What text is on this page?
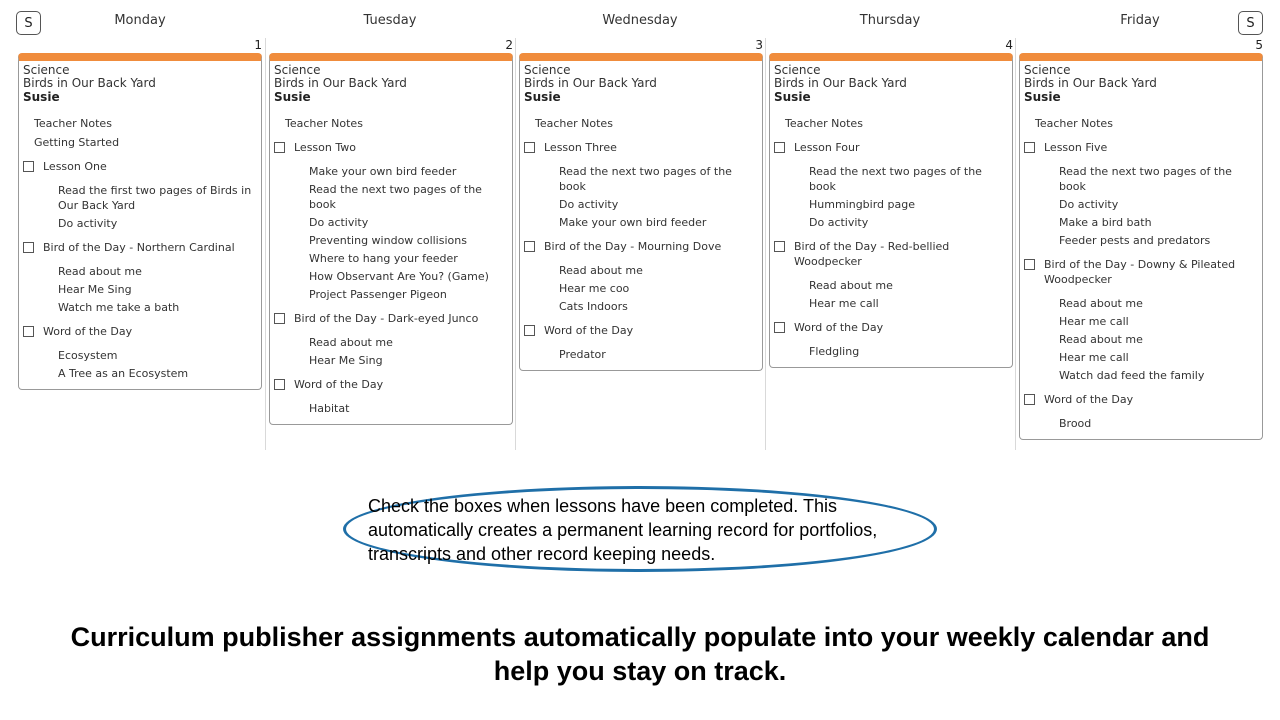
S	S
Monday
1
Science
Birds in Our Back Yard
Susie
Teacher Notes
Getting Started
Lesson One
Read the first two pages of Birds in Our Back Yard
Do activity
Bird of the Day - Northern Cardinal
Read about me
Hear Me Sing
Watch me take a bath
Word of the Day
Ecosystem
A Tree as an Ecosystem
Tuesday
2
Science
Birds in Our Back Yard
Susie
Teacher Notes
Lesson Two
Make your own bird feeder
Read the next two pages of the book
Do activity
Preventing window collisions
Where to hang your feeder
How Observant Are You? (Game)
Project Passenger Pigeon
Bird of the Day - Dark-eyed Junco
Read about me
Hear Me Sing
Word of the Day
Habitat
Wednesday
3
Science
Birds in Our Back Yard
Susie
Teacher Notes
Lesson Three
Read the next two pages of the book
Do activity
Make your own bird feeder
Bird of the Day - Mourning Dove
Read about me
Hear me coo
Cats Indoors
Word of the Day
Predator
Thursday
4
Science
Birds in Our Back Yard
Susie
Teacher Notes
Lesson Four
Read the next two pages of the book
Hummingbird page
Do activity
Bird of the Day - Red-bellied Woodpecker
Read about me
Hear me call
Word of the Day
Fledgling
Friday
5
Science
Birds in Our Back Yard
Susie
Teacher Notes
Lesson Five
Read the next two pages of the book
Do activity
Make a bird bath
Feeder pests and predators
Bird of the Day - Downy & Pileated Woodpecker
Read about me
Hear me call
Read about me
Hear me call
Watch dad feed the family
Word of the Day
Brood
Check the boxes when lessons have been completed. This automatically creates a permanent learning record for portfolios, transcripts and other record keeping needs.
Curriculum publisher assignments automatically populate into your weekly calendar and help you stay on track.
